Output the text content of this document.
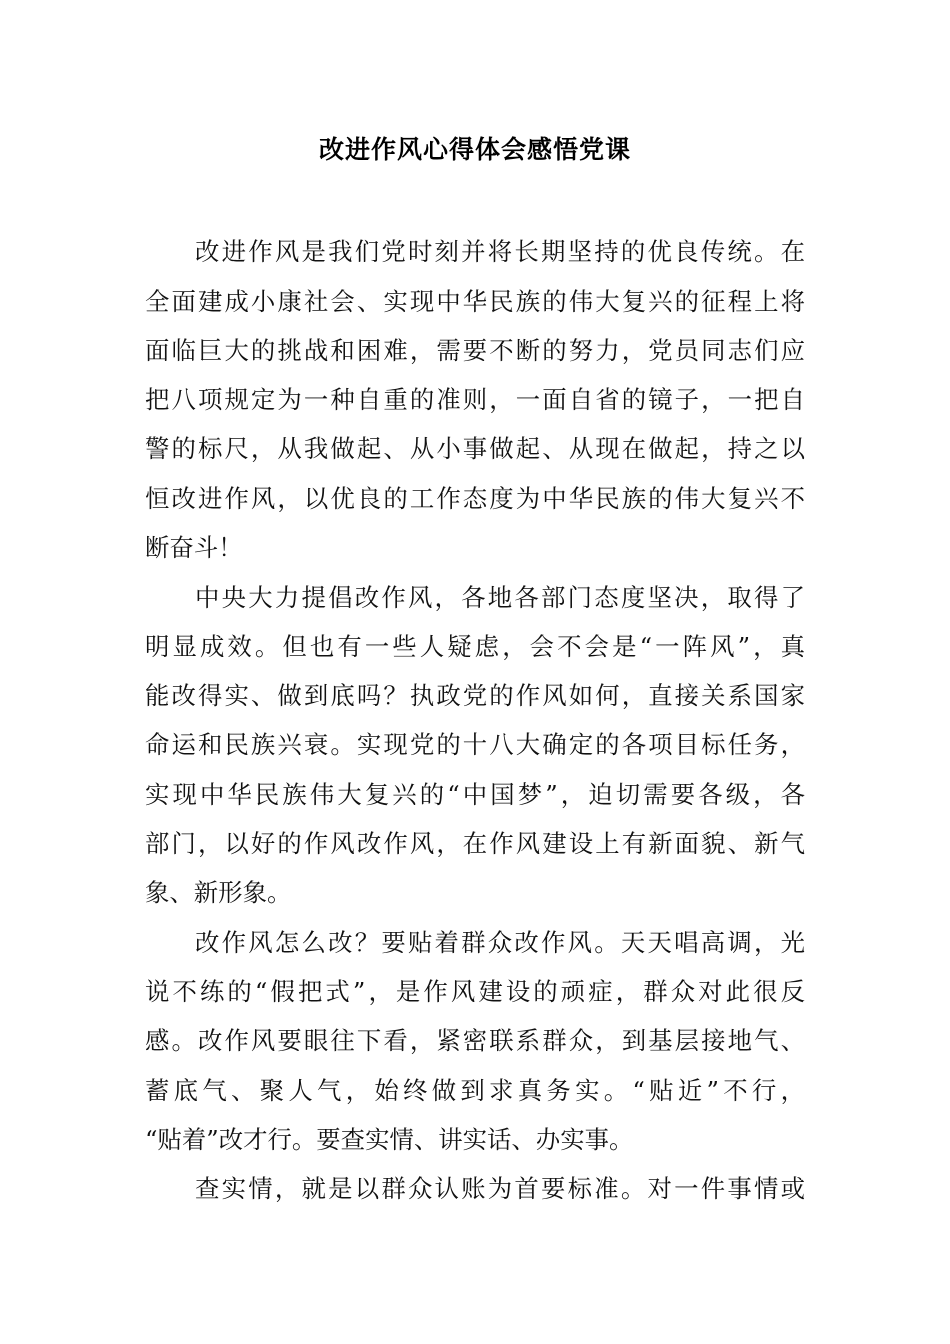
改进作风心得体会感悟党课
改进作风是我们党时刻并将长期坚持的优良传统。在
全面建成小康社会、实现中华民族的伟大复兴的征程上将
面临巨大的挑战和困难，需要不断的努力，党员同志们应
把八项规定为一种自重的准则，一面自省的镜子，一把自
警的标尺，从我做起、从小事做起、从现在做起，持之以
恒改进作风，以优良的工作态度为中华民族的伟大复兴不
断奋斗！
中央大力提倡改作风，各地各部门态度坚决，取得了
明显成效。但也有一些人疑虑，会不会是“一阵风”，真
能改得实、做到底吗？执政党的作风如何，直接关系国家
命运和民族兴衰。实现党的十八大确定的各项目标任务，
实现中华民族伟大复兴的“中国梦”，迫切需要各级，各
部门，以好的作风改作风，在作风建设上有新面貌、新气
象、新形象。
改作风怎么改？要贴着群众改作风。天天唱高调，光
说不练的“假把式”，是作风建设的顽症，群众对此很反
感。改作风要眼往下看，紧密联系群众，到基层接地气、
蓄底气、聚人气，始终做到求真务实。“贴近”不行，
“贴着”改才行。要查实情、讲实话、办实事。
查实情，就是以群众认账为首要标准。对一件事情或
